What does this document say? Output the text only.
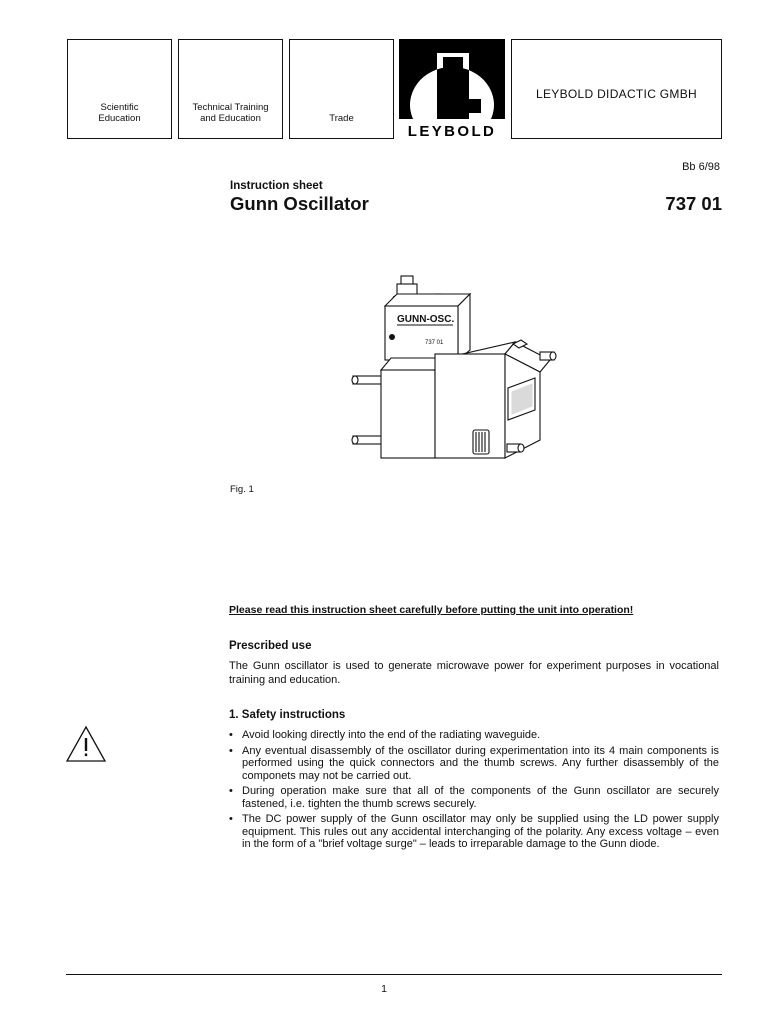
Scientific
Education
Technical Training
and Education	Trade
LEYBOLD
LEYBOLD DIDACTIC GMBH
Bb 6/98
Instruction sheet
Gunn Oscillator	737 01
GUNN-OSC.
737 01
Fig. 1
Please read this instruction sheet carefully before putting the unit into operation!
Prescribed use

The Gunn oscillator is used to generate microwave power for experiment purposes in vocational training and education.

1. Safety instructions
• Avoid looking directly into the end of the radiating waveguide.
• Any eventual disassembly of the oscillator during experimentation into its 4 main components is performed using the quick connectors and the thumb screws. Any further disassembly of the componets may not be carried out.
• During operation make sure that all of the components of the Gunn oscillator are securely fastened, i.e. tighten the thumb screws securely.
• The DC power supply of the Gunn oscillator may only be supplied using the LD power supply equipment. This rules out any accidental interchanging of the polarity. Any excess voltage – even in the form of a "brief voltage surge" – leads to irreparable damage to the Gunn diode.
1
